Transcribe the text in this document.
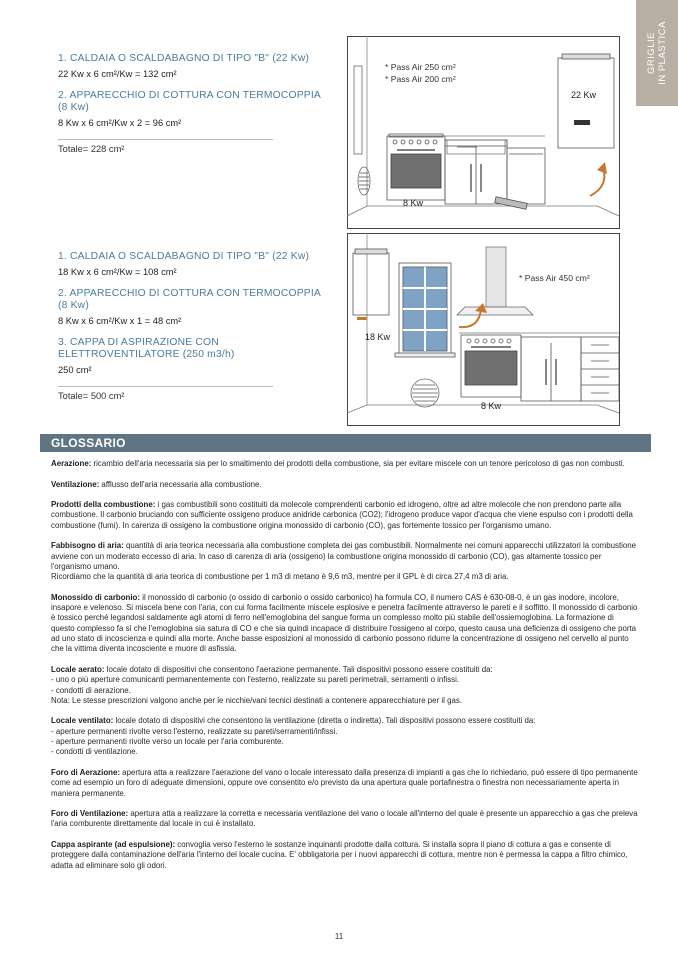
GRIGLIE IN PLASTICA
1. CALDAIA O SCALDABAGNO DI TIPO "B" (22 Kw)
22 Kw x 6 cm²/Kw = 132 cm²
2. APPARECCHIO DI COTTURA CON TERMOCOPPIA
(8 Kw)
8 Kw x 6 cm²/Kw x 2 = 96 cm²
Totale= 228 cm²
1. CALDAIA O SCALDABAGNO DI TIPO "B" (22 Kw)
18 Kw x 6 cm²/Kw = 108 cm²
2. APPARECCHIO DI COTTURA CON TERMOCOPPIA
(8 Kw)
8 Kw x 6 cm²/Kw x 1 = 48 cm²
3. CAPPA DI ASPIRAZIONE CON
ELETTROVENTILATORE (250 m3/h)
250 cm²
Totale= 500 cm²
8 Kw
22 Kw
* Pass Air 250 cm²
* Pass Air 200 cm²
18 Kw
8 Kw
* Pass Air 450 cm²
GLOSSARIO

Aerazione: ricambio dell'aria necessaria sia per lo smaltimento dei prodotti della combustione, sia per evitare miscele con un tenore pericoloso di gas non combusti.

Ventilazione: afflusso dell'aria necessaria alla combustione.

Prodotti della combustione: i gas combustibili sono costituiti da molecole comprendenti carbonio ed idrogeno, oltre ad altre molecole che non prendono parte alla combustione. Il carbonio bruciando con sufficiente ossigeno produce anidride carbonica (CO2); l'idrogeno produce vapor d'acqua che viene espulso con i prodotti della combustione (fumi). In carenza di ossigeno la combustione origina monossido di carbonio (CO), gas fortemente tossico per l'organismo umano.

Fabbisogno di aria: quantità di aria teorica necessaria alla combustione completa dei gas combustibili. Normalmente nei comuni apparecchi utilizzatori la combustione avviene con un moderato eccesso di aria. In caso di carenza di aria (ossigeno) la combustione origina monossido di carbonio (CO), gas altamente tossico per l'organismo umano.
Ricordiamo che la quantità di aria teorica di combustione per 1 m3 di metano è 9,6 m3, mentre per il GPL è di circa 27,4 m3 di aria.

Monossido di carbonio: il monossido di carbonio (o ossido di carbonio o ossido carbonico) ha formula CO, il numero CAS è 630-08-0, è un gas inodore, incolore, insapore e velenoso. Si miscela bene con l'aria, con cui forma facilmente miscele esplosive e penetra facilmente attraverso le pareti e il soffitto. Il monossido di carbonio è tossico perché legandosi saldamente agli atomi di ferro nell'emoglobina del sangue forma un complesso molto più stabile dell'ossiemoglobina. La formazione di questo complesso fa sì che l'emoglobina sia satura di CO e che sia quindi incapace di distribuire l'ossigeno al corpo, questo causa una deficienza di ossigeno che porta ad uno stato di incoscienza e quindi alla morte. Anche basse esposizioni al monossido di carbonio possono ridurre la concentrazione di ossigeno nel cervello al punto che la vittima diventa incosciente e muore di asfissia.

Locale aerato: locale dotato di dispositivi che consentono l'aerazione permanente. Tali dispositivi possono essere costituiti da:
- uno o più aperture comunicanti permanentemente con l'esterno, realizzate su pareti perimetrali, serramenti o infissi.
- condotti di aerazione.
Nota: Le stesse prescrizioni valgono anche per le nicchie/vani tecnici destinati a contenere apparecchiature per il gas.

Locale ventilato: locale dotato di dispositivi che consentono la ventilazione (diretta o indiretta). Tali dispositivi possono essere costituiti da:
- aperture permanenti rivolte verso l'esterno, realizzate su pareti/serramenti/infissi.
- aperture permanenti rivolte verso un locale per l'aria comburente.
- condotti di ventilazione.

Foro di Aerazione: apertura atta a realizzare l'aerazione del vano o locale interessato dalla presenza di impianti a gas che lo richiedano, può essere di tipo permanente come ad esempio un foro di adeguate dimensioni, oppure ove consentito e/o previsto da una apertura quale portafinestra o finestra non necessariamente aperta in maniera permanente.

Foro di Ventilazione: apertura atta a realizzare la corretta e necessaria ventilazione del vano o locale all'interno del quale è presente un apparecchio a gas che preleva l'aria comburente direttamente dal locale in cui è installato.

Cappa aspirante (ad espulsione): convoglia verso l'esterno le sostanze inquinanti prodotte dalla cottura. Si installa sopra il piano di cottura a gas e consente di proteggere dalla contaminazione dell'aria l'interno del locale cucina. E' obbligatoria per i nuovi apparecchi di cottura, mentre non è permessa la cappa a filtro chimico, adatta ad eliminare solo gli odori.

11
